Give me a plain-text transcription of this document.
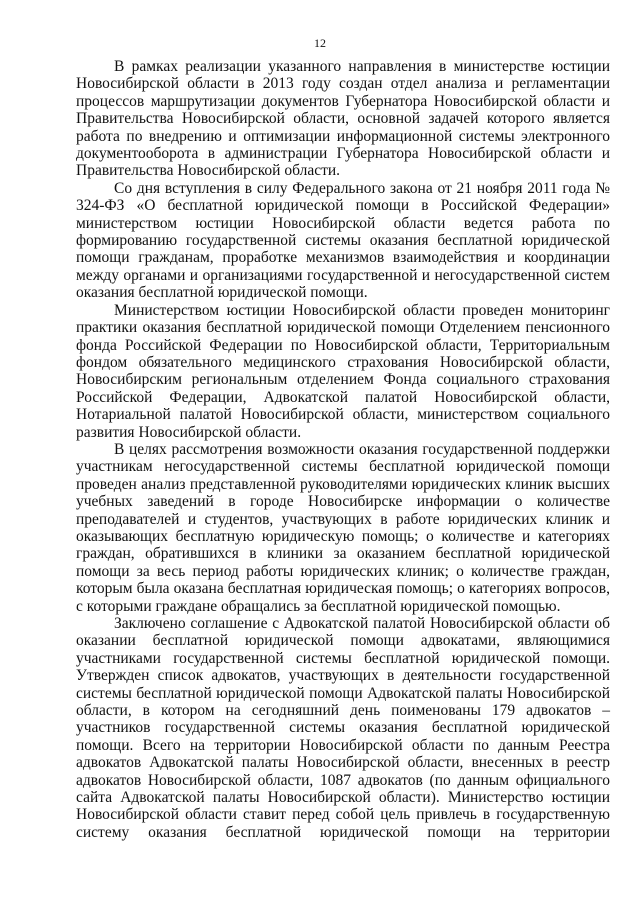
12

В рамках реализации указанного направления в министерстве юстиции Новосибирской области в 2013 году создан отдел анализа и регламентации процессов маршрутизации документов Губернатора Новосибирской области и Правительства Новосибирской области, основной задачей которого является работа по внедрению и оптимизации информационной системы электронного документооборота в администрации Губернатора Новосибирской области и Правительства Новосибирской области.

Со дня вступления в силу Федерального закона от 21 ноября 2011 года № 324-ФЗ «О бесплатной юридической помощи в Российской Федерации» министерством юстиции Новосибирской области ведется работа по формированию государственной системы оказания бесплатной юридической помощи гражданам, проработке механизмов взаимодействия и координации между органами и организациями государственной и негосударственной систем оказания бесплатной юридической помощи.

Министерством юстиции Новосибирской области проведен мониторинг практики оказания бесплатной юридической помощи Отделением пенсионного фонда Российской Федерации по Новосибирской области, Территориальным фондом обязательного медицинского страхования Новосибирской области, Новосибирским региональным отделением Фонда социального страхования Российской Федерации, Адвокатской палатой Новосибирской области, Нотариальной палатой Новосибирской области, министерством социального развития Новосибирской области.

В целях рассмотрения возможности оказания государственной поддержки участникам негосударственной системы бесплатной юридической помощи проведен анализ представленной руководителями юридических клиник высших учебных заведений в городе Новосибирске информации о количестве преподавателей и студентов, участвующих в работе юридических клиник и оказывающих бесплатную юридическую помощь; о количестве и категориях граждан, обратившихся в клиники за оказанием бесплатной юридической помощи за весь период работы юридических клиник; о количестве граждан, которым была оказана бесплатная юридическая помощь; о категориях вопросов, с которыми граждане обращались за бесплатной юридической помощью.

Заключено соглашение с Адвокатской палатой Новосибирской области об оказании бесплатной юридической помощи адвокатами, являющимися участниками государственной системы бесплатной юридической помощи. Утвержден список адвокатов, участвующих в деятельности государственной системы бесплатной юридической помощи Адвокатской палаты Новосибирской области, в котором на сегодняшний день поименованы 179 адвокатов – участников государственной системы оказания бесплатной юридической помощи. Всего на территории Новосибирской области по данным Реестра адвокатов Адвокатской палаты Новосибирской области, внесенных в реестр адвокатов Новосибирской области, 1087 адвокатов (по данным официального сайта Адвокатской палаты Новосибирской области). Министерство юстиции Новосибирской области ставит перед собой цель привлечь в государственную систему оказания бесплатной юридической помощи на территории
